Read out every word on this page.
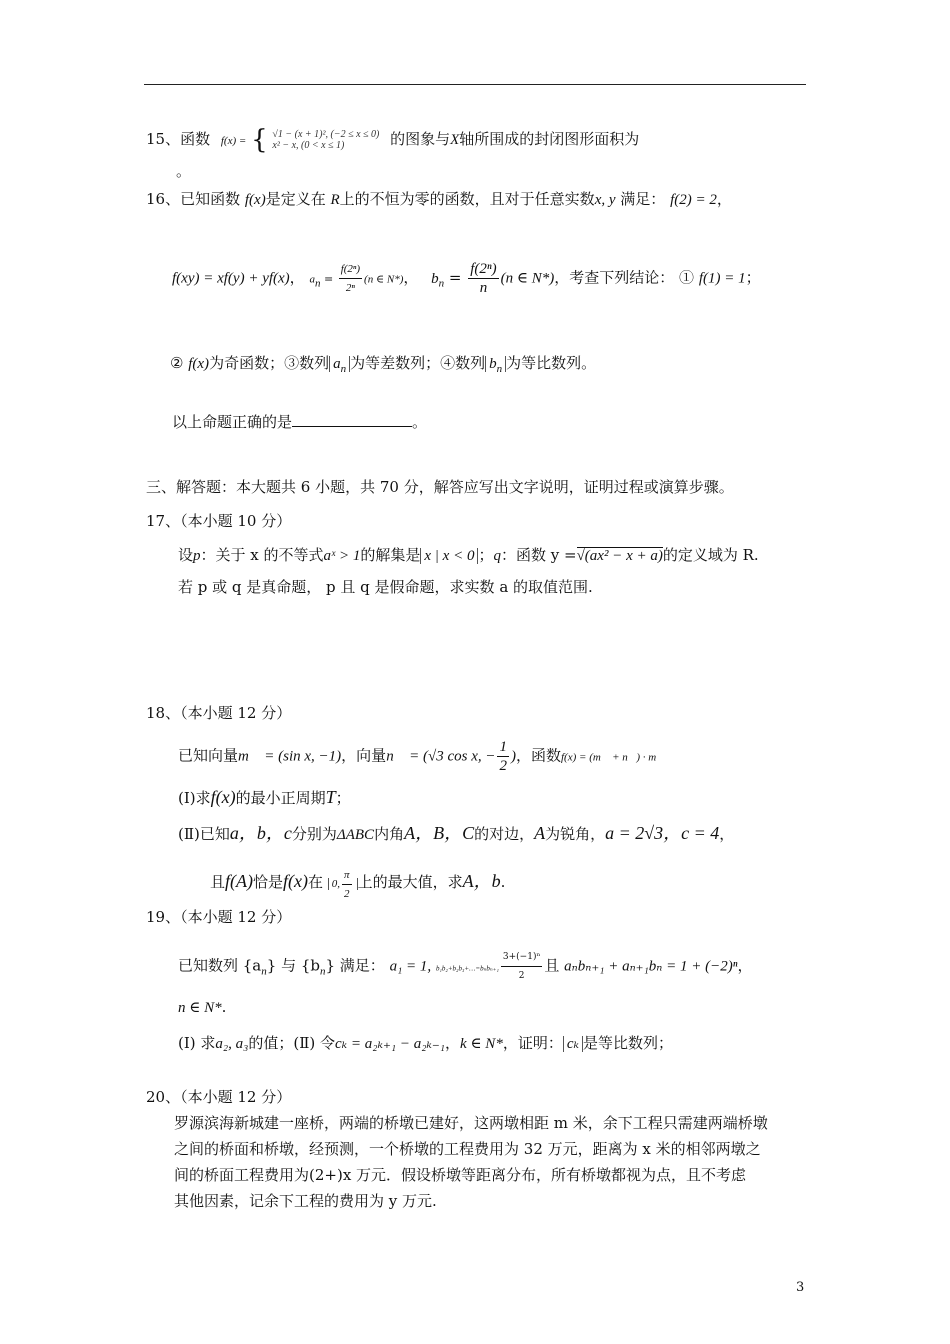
15、函数 f(x) = { √1 − (x + 1)², (−2 ≤ x ≤ 0)
x² − x, (0 < x ≤ 1)	的图象与X轴所围成的封闭图形面积为
。
16、已知函数 f(x)是定义在 R上的不恒为零的函数，且对于任意实数x, y 满足： f(2) = 2，
f(xy) = xf(y) + yf(x)， $a_n = \frac{\text{f(2ⁿ)}}{\text{2ⁿ}} (n$ ∈ N*)， $b_n = \frac{\text{f(2ⁿ)}}{n} (n$ ∈ N*)，考查下列结论： ① f(1) = 1；
② f(x)为奇函数；③数列 $a_n$ 为等差数列；④数列 $b_n$ 为等比数列。
以上命题正确的是	。
三、解答题：本大题共 6 小题，共 70 分，解答应写出文字说明，证明过程或演算步骤。
17、（本小题 10 分）
设p：关于 x 的不等式aˣ > 1的解集是 x | x < 0 ；q：函数 y =√(ax² − x + a)的定义域为 R.
若 p 或 q 是真命题， p 且 q 是假命题，求实数 a 的取值范围.
18、（本小题 12 分）
已知向量m⃗ = (sin x, −1)，向量n⃗ = (√3 cos x, − $\frac{1}{2}$ )，函数f(x) = (m⃗ + n⃗) · m⃗
(Ⅰ)求f(x)的最小正周期T；
(Ⅱ)已知a，b，c分别为ΔABC内角A，B，C的对边，A为锐角，a = 2√3，c = 4，
且f(A)恰是f(x)在 0, $\frac{\pi}{2}$ 上的最大值，求A，b.
19、（本小题 12 分）
已知数列 $\{a_n\}$ 与 $\{b_n\}$ 满足： a₁ = 1, b₁b₂+b₂b₃+…=bₙbₙ₊₁ $\frac{\text{3+(−1)ⁿ}}{2}$ 且 aₙbₙ₊₁ + aₙ₊₁bₙ = 1 + (−2)ⁿ，
n ∈ N*.
(Ⅰ) 求a₂, a₃的值；(Ⅱ) 令cₖ = a₂ₖ₊₁ − a₂ₖ₋₁，k ∈ N*，证明： cₖ 是等比数列；
20、（本小题 12 分）
罗源滨海新城建一座桥，两端的桥墩已建好，这两墩相距 m 米，余下工程只需建两端桥墩
之间的桥面和桥墩，经预测，一个桥墩的工程费用为 32 万元，距离为 x 米的相邻两墩之
间的桥面工程费用为(2+)x 万元．假设桥墩等距离分布，所有桥墩都视为点，且不考虑
其他因素，记余下工程的费用为 y 万元.
3
